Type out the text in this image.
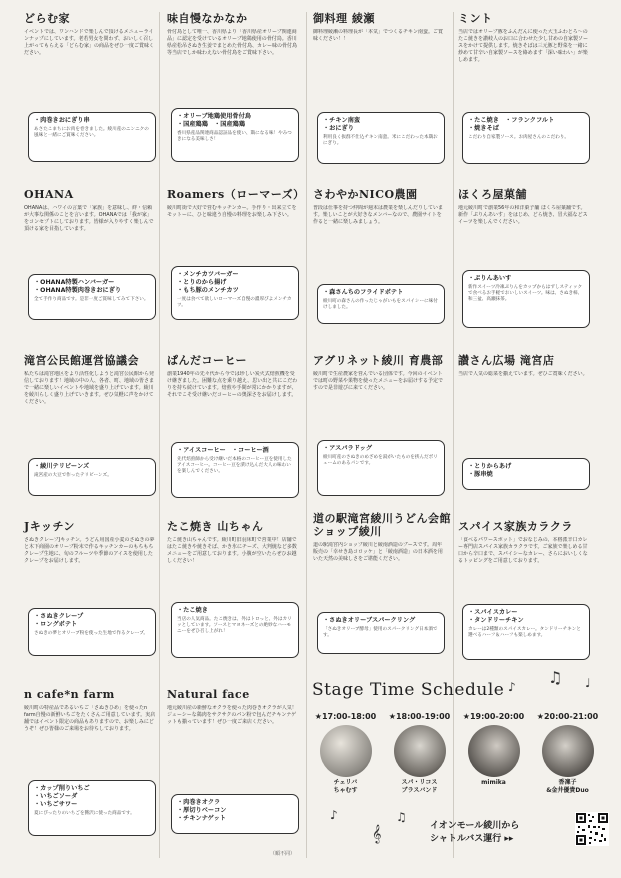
どらむ家
イベントでは、ワンハンドで楽しんで頂けるメニューラインナップにしています。老若男女を問わず、おいしく召し上がってもらえる「どらむ家」の商品をぜひ一度ご賞味ください。
・肉巻きおにぎり串
あさたこまちにお肉を巻きました。綾川産のニンニクの風味と一緒にご賞味ください。
味自慢なかなか
骨付鳥として唯一、香川県より「香川県産オリーブ関連商品」に認定を受けているオリーブ地鶏使用の骨付鳥。香川県産松吊さぬき生姜でまとめた骨付鳥、カレー味の骨付鳥等当店でしか味わえない骨付鳥をご賞味下さい。
・オリーブ地鶏使用骨付鳥
・国産鶏鶏　・国産鶏鶏
香川県産品関連商品認証品を使い、鶏になる味！やみつきになる美味しさ！
御料理 綾瀬
御料理綾瀬の料理長が「本気」でつくるチキン南蛮。ご賞味ください！！
・チキン南蛮
・おにぎり
利用良く抜群不仕込チキン南蛮。米にこだわった本鶏おにぎり。
ミント
当店ではオリーブ豚をふんだんに使った大玉ふわとろ〜のたこ焼きを讃岐人のお口に合わせた少し甘めの自家製ソースをかけて提供します。焼きそばは三元豚と野菜を一緒に炒めて甘辛い自家製ソースを絡めます「深い味わい」が楽しめます。
・たこ焼き　・フランクフルト
・焼きそば
こだわり自家製ソース。お肉屋さんのこだわり。
OHANA
OHANAは、ハワイの言葉で「家族」を意味し、絆・信頼が大事な関係のことを言います。OHANAでは「我が家」をコンセプトにしております。皆様が入りやすく楽しんで頂ける家を目指しています。
・OHANA特製ハンバーガー
・OHANA特製肉巻きおにぎり
全て手作り商品です。是非一度ご賞味してみて下さい。
Roamers（ローマーズ）
綾川町街で大好で営むキッチンカー。手作り・出来立てをモットーに、ひと味違う自慢の料理をお楽しみ下さい。
・メンチカツバーガー
・とりのから揚げ
・もち豚のメンチカツ
一度は食べて欲しいローマーズ自慢の濃厚ぴよメンチカツ。
さわやかNICO農園
普段は仕事を持つ仲間が週末は農業を楽しんだりしています。楽しいことが大好きなメンバーなので、農園サイトを作ると一緒に楽しみましょう。
・森さんちのフライドポテト
綾川町の森さんの作ったじゃがいもをスパイシーに味付けしました。
ほくろ屋菓舗
地元綾川町で創業56年の和洋菓子舗 ほくろ屋菓舗です。新作「ぷりんあいす」をはじめ、どら焼き、冒大福などスイーツを楽しんでください。
・ぷりんあいす
新作スイーツ冷凍ぷりんをカップからはずしスティックで食べるお手軽でおいしいスイーツ。味は、さぬき柿、和三盆、高瀬抹茶。
滝宮公民館運営協議会
私たちは滝宮地区をより活性化しようと滝宮公民館から発信しております！地域の中の人、各者、町、地域の皆さまで一緒に楽しいイベントや地域を盛り上げています。綾川を綾川らしく盛り上げていきます。ぜひ気軽に声をかけてください。
・綾川テリビーンズ
滝宮産の大豆で作ったテリビーンズ。
ぱんだコーヒー
創業1940年の先々代から今では珍しい炭火式焙煎機を受け継ぎました。困難な点を乗り越え、思い出と共にこだわりを持ち続けています。焙煎や手間が常にかかりますが、それでこそ受け継いだコーヒーの奥深さをお届けします。
・アイスコーヒー　・コーヒー酒
先代焙煎師から受け継いだ本格のコーヒー豆を使用したアイスコーヒー。コーヒー豆を漬け込んだ大人の味わいを楽しんでください。
アグリネット綾川 育農部
綾川町で生産農家を営んでいる団体です。今回のイベントでは町の野菜や果物を使ったメニューをお届けする予定ですので是非遊びに来てください。
・アスパラドッグ
綾川町産のさぬきのめざめを湯がいたものを挟んだボリュームのあるパンです。
讃さん広場 滝宮店
当店で人気の総菜を揃えています。ぜひご賞味ください。
・とりからあげ
・豚串焼
Jキッチン
さぬきクレープJキッチン。うどん用国産小麦のさぬきの夢と木下商園のオリーブ粉末で作るキッチンカーのもちもちクレープ生地に、旬のフルーツや季節のアイスを使用したクレープをお届けします。
・さぬきクレープ
・ロングポテト
さぬきの夢とオリーブ粉を使った生地で作るクレープ。
たこ焼き 山ちゃん
たこ焼き山ちゃんです。綾川町旧羽床町で営業中！店舗ではたこ焼きや焼きそば、かき氷にチーズ、大判焼など多数メニューをご用意しております。小腹が空いたらぜひお越しください！
・たこ焼き
当店の人気商品。たこ焼きは、外はトロっと、外はカリッとしています。ソースとマヨネーズとの絶妙なハーモニーをぜひ召し上がれ！
道の駅滝宮綾川うどん会館ショップ綾川
道の駅滝宮内ショップ綾川と綾南酒造のブースです。周年販売の「幸せき島コロッケ」と「綾南酒造」の日本酒を用いた天然の美味しさをご堪能ください。
・さぬきオリーブスパークリング
「さぬきオリーブ酵母」使用のスパークリング日本酒です。
スパイス家族カラクラ
「食べるパワースポット」でおなじみの、本格派辛口カレー専門店スパイス家族カラクラです。ご家族で楽しめる甘口から辛口まで、スパイシーなカレー、さらにおいしくなるトッピングをご用意しております。
・スパイスカレー
・タンドリーチキン
カレーは2種類のスパイスカレー。タンドリーチキンと選べるハーフ＆ハーフも楽しめます。
n cafe*n farm
綾川町の特産品であるいちご「さぬきひめ」を使ったn farm自慢の新鮮いちごをたくさんご用意しています。実店舗ではイベント限定の商品もありますので、お楽しみにどうぞ！ぜひ皆様のご来場をお待ちしております。
・カップ削りいちご
・いちごソーダ
・いちごサワー
夏にぴったりのいちごを贅沢に使った商品です。
Natural face
地元綾川産の新鮮なオクラを使った肉巻きオクラが人気！ジューシーな鶏肉をサクサクのパン粉で包んだチキンナゲットも揃っています！ぜひ一度ご来店ください。
・肉巻きオクラ
・厚切りベーコン
・チキンナゲット
Stage Time Schedule ♪ ♫ ♩
★17:00-18:00
チェリバ
ちゃむす
★18:00-19:00
スパ・リコス
ブラスバンド
★19:00-20:00
mimika
★20:00-21:00
香凜子
&金井優貴Duo
♪
𝄞
♫
イオンモール綾川から
シャトルバス運行 ▸▸
（順不同）
